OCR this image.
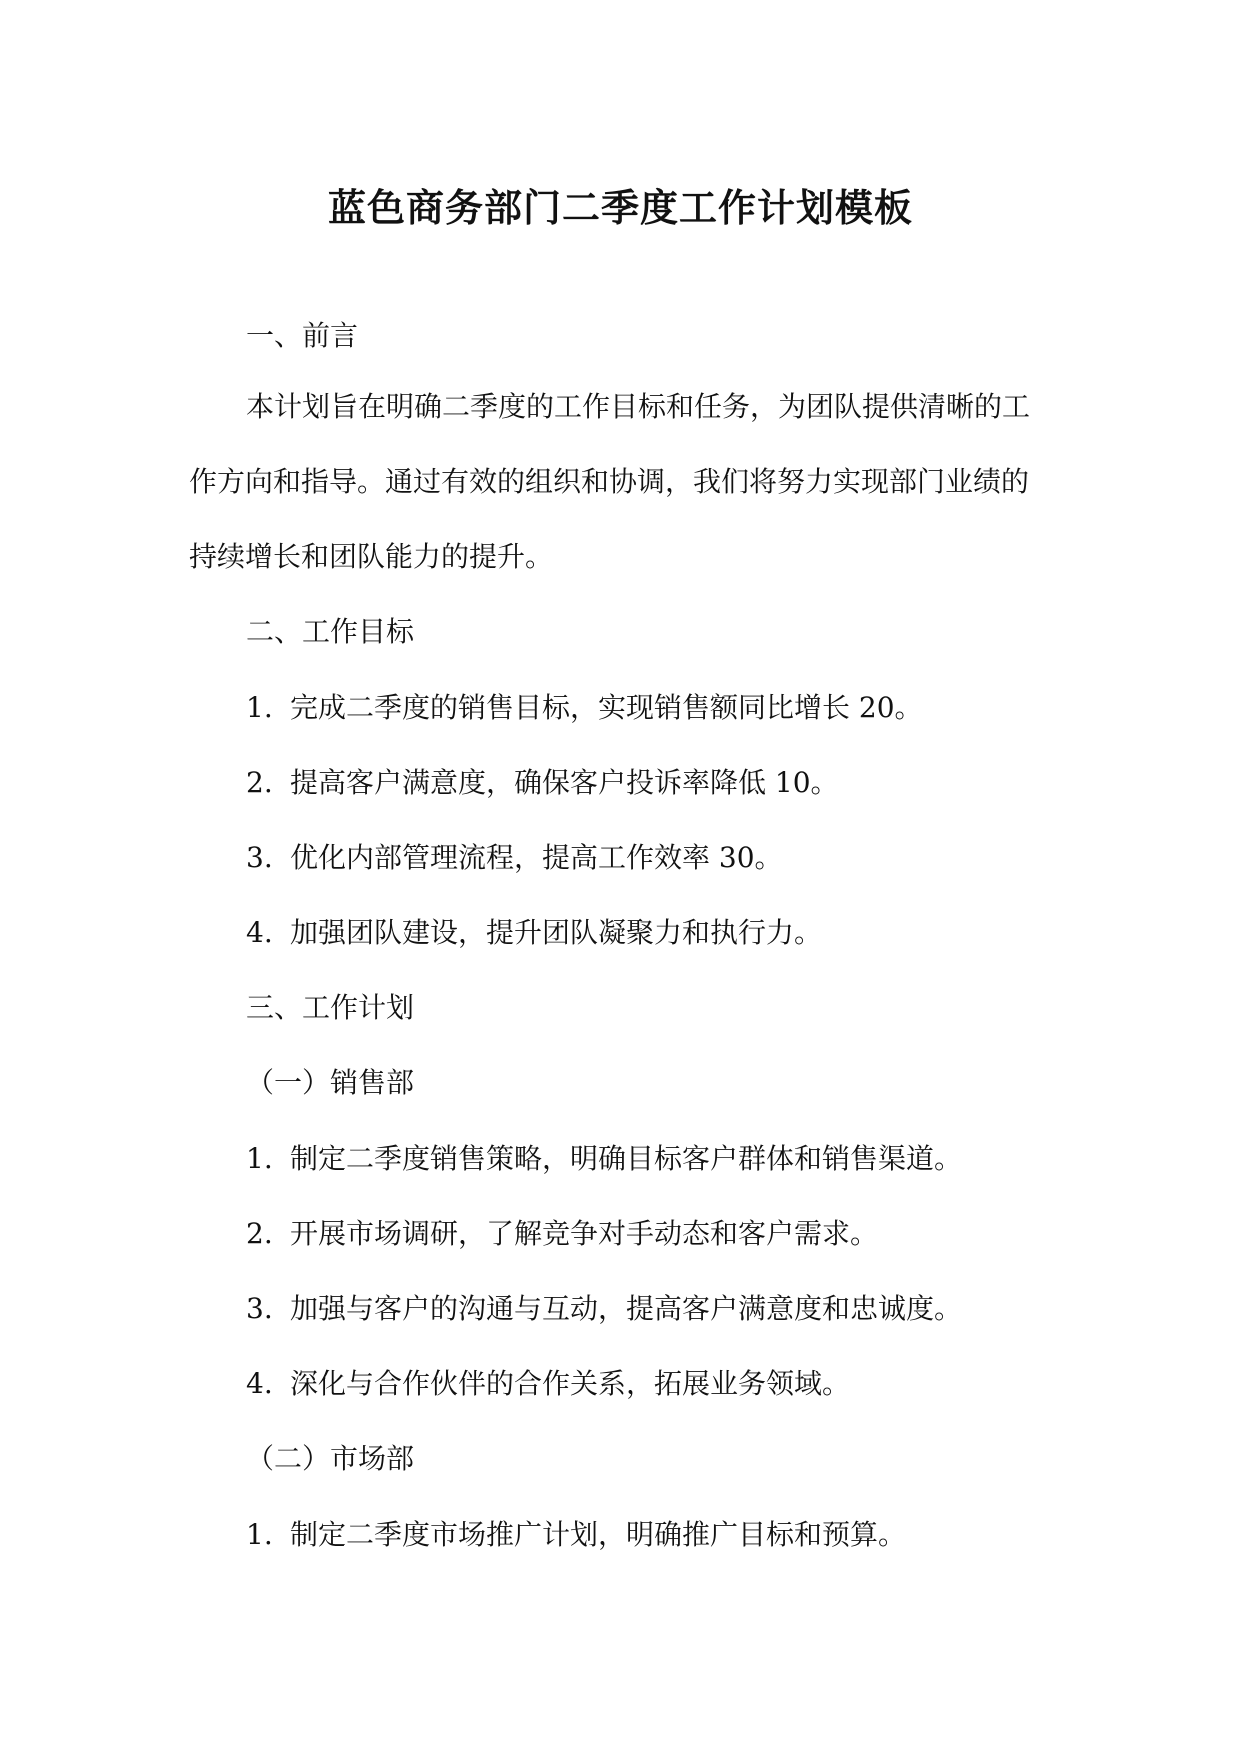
蓝色商务部门二季度工作计划模板
一、前言
本计划旨在明确二季度的工作目标和任务，为团队提供清晰的工
作方向和指导。通过有效的组织和协调，我们将努力实现部门业绩的
持续增长和团队能力的提升。
二、工作目标
1. 完成二季度的销售目标，实现销售额同比增长 20。
2. 提高客户满意度，确保客户投诉率降低 10。
3. 优化内部管理流程，提高工作效率 30。
4. 加强团队建设，提升团队凝聚力和执行力。
三、工作计划
（一）销售部
1. 制定二季度销售策略，明确目标客户群体和销售渠道。
2. 开展市场调研，了解竞争对手动态和客户需求。
3. 加强与客户的沟通与互动，提高客户满意度和忠诚度。
4. 深化与合作伙伴的合作关系，拓展业务领域。
（二）市场部
1. 制定二季度市场推广计划，明确推广目标和预算。
